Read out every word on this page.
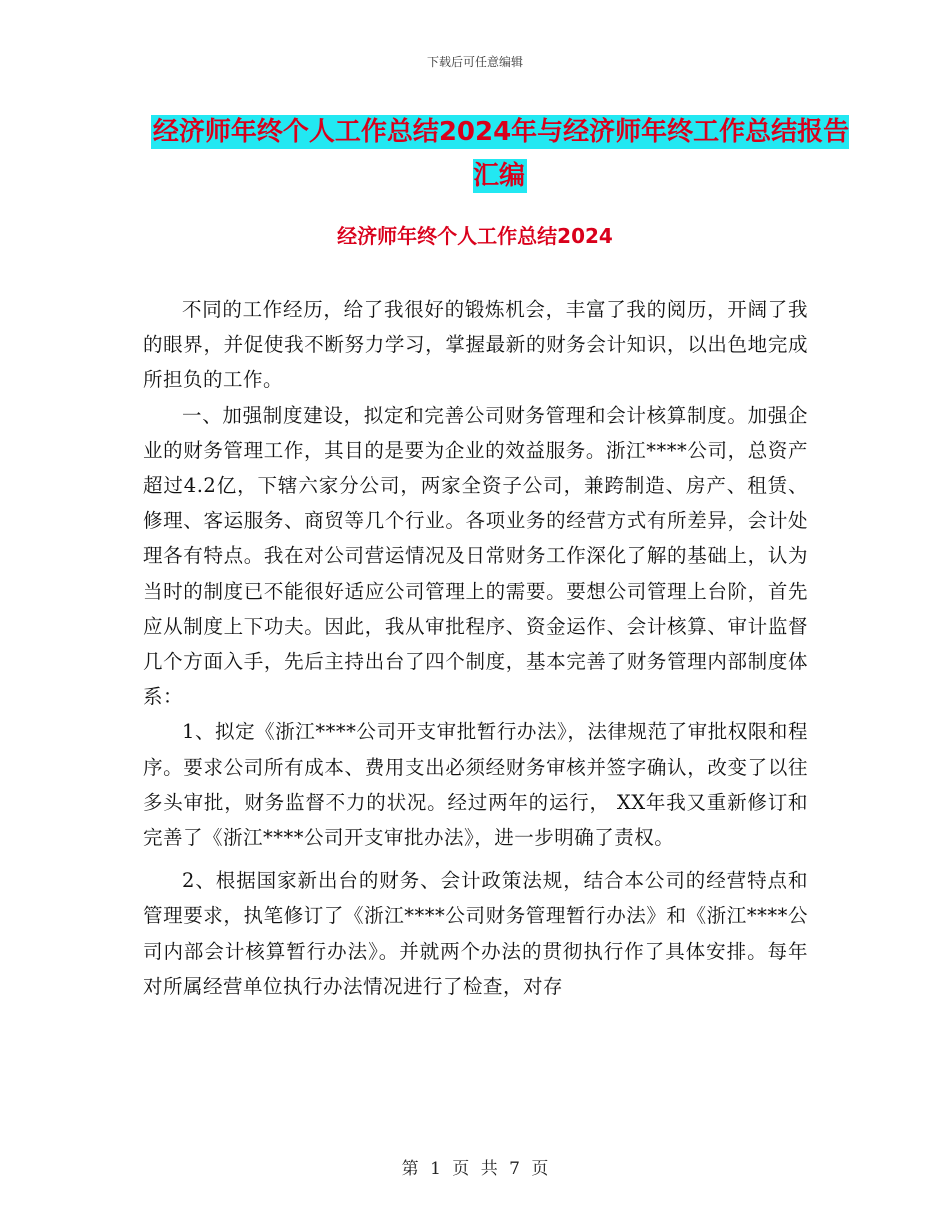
下载后可任意编辑
经济师年终个人工作总结2024年与经济师年终工作总结报告汇编
经济师年终个人工作总结2024

不同的工作经历，给了我很好的锻炼机会，丰富了我的阅历，开阔了我的眼界，并促使我不断努力学习，掌握最新的财务会计知识，以出色地完成所担负的工作。

一、加强制度建设，拟定和完善公司财务管理和会计核算制度。加强企业的财务管理工作，其目的是要为企业的效益服务。浙江****公司，总资产超过4.2亿，下辖六家分公司，两家全资子公司，兼跨制造、房产、租赁、修理、客运服务、商贸等几个行业。各项业务的经营方式有所差异，会计处理各有特点。我在对公司营运情况及日常财务工作深化了解的基础上，认为当时的制度已不能很好适应公司管理上的需要。要想公司管理上台阶，首先应从制度上下功夫。因此，我从审批程序、资金运作、会计核算、审计监督几个方面入手，先后主持出台了四个制度，基本完善了财务管理内部制度体系：

1、拟定《浙江****公司开支审批暂行办法》，法律规范了审批权限和程序。要求公司所有成本、费用支出必须经财务审核并签字确认，改变了以往多头审批，财务监督不力的状况。经过两年的运行， XX年我又重新修订和完善了《浙江****公司开支审批办法》，进一步明确了责权。

2、根据国家新出台的财务、会计政策法规，结合本公司的经营特点和管理要求，执笔修订了《浙江****公司财务管理暂行办法》和《浙江****公司内部会计核算暂行办法》。并就两个办法的贯彻执行作了具体安排。每年对所属经营单位执行办法情况进行了检查，对存

第 1 页 共 7 页
